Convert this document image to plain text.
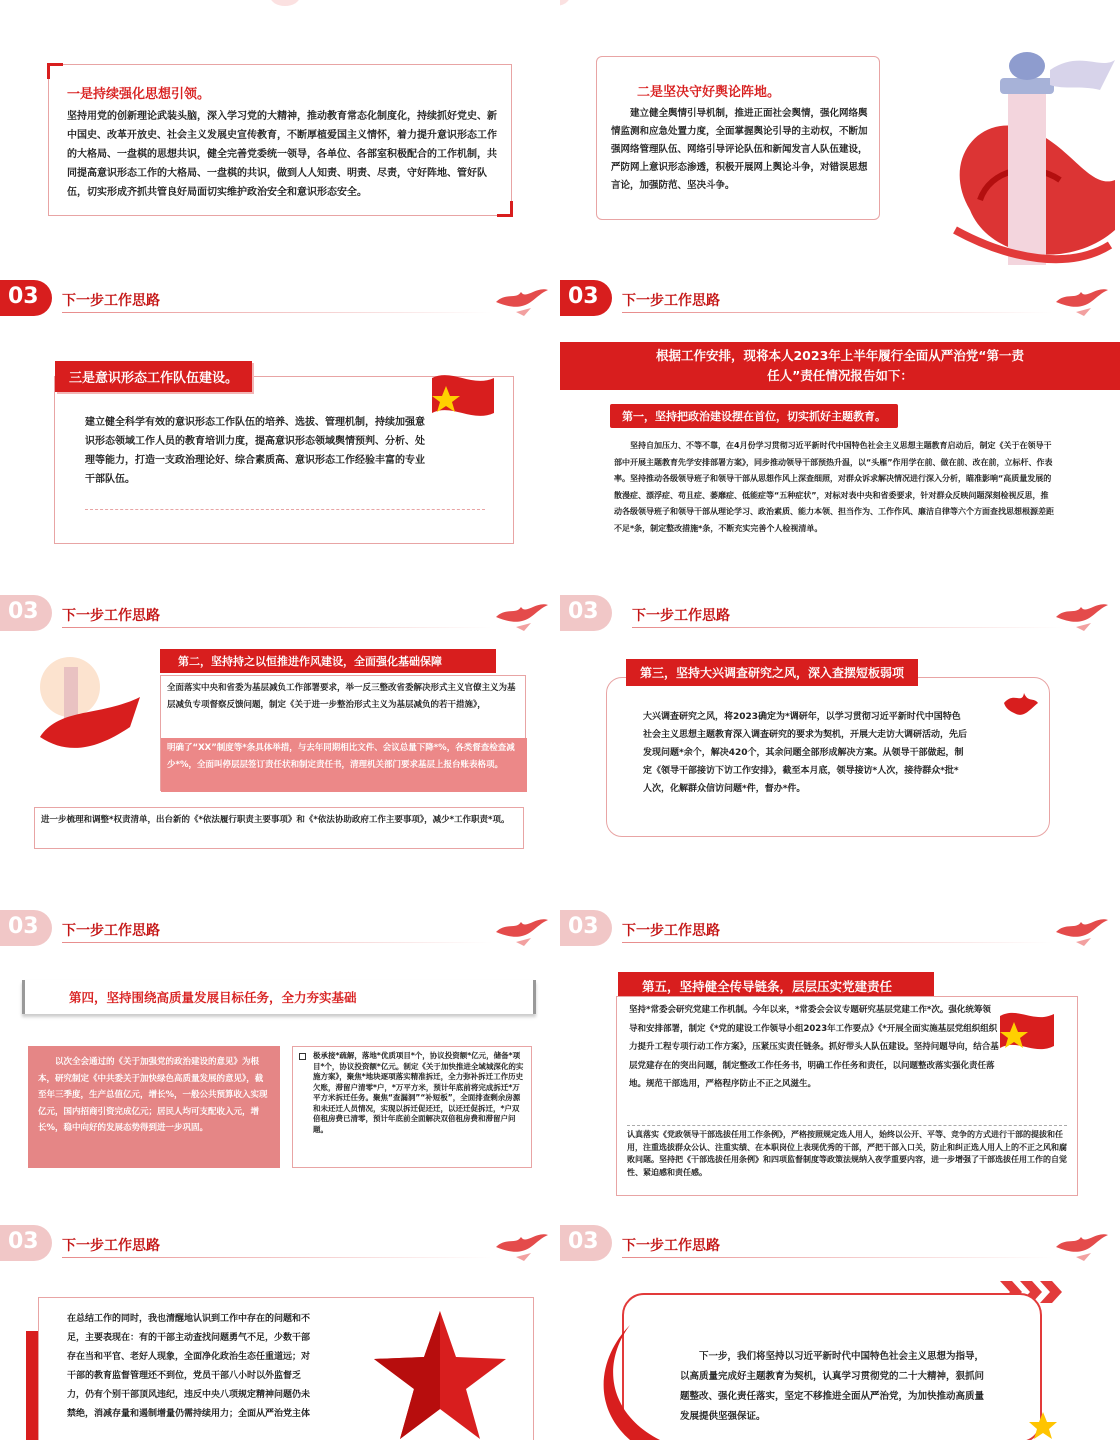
一是持续强化思想引领。
坚持用党的创新理论武装头脑，深入学习党的大精神，推动教育常态化制度化，持续抓好党史、新中国史、改革开放史、社会主义发展史宣传教育，不断厚植爱国主义情怀，着力提升意识形态工作的大格局、一盘棋的思想共识，健全完善党委统一领导，各单位、各部室积极配合的工作机制，共同提高意识形态工作的大格局、一盘棋的共识，做到人人知责、明责、尽责，守好阵地、管好队伍，切实形成齐抓共管良好局面切实维护政治安全和意识形态安全。
二是坚决守好舆论阵地。
建立健全舆情引导机制，推进正面社会舆情，强化网络舆情监测和应急处置力度，全面掌握舆论引导的主动权，不断加强网络管理队伍、网络引导评论队伍和新闻发言人队伍建设，严防网上意识形态渗透，积极开展网上舆论斗争，对错误思想言论，加强防范、坚决斗争。
03	下一步工作思路
三是意识形态工作队伍建设。
建立健全科学有效的意识形态工作队伍的培养、选拔、管理机制，持续加强意识形态领域工作人员的教育培训力度，提高意识形态领域舆情预判、分析、处理等能力，打造一支政治理论好、综合素质高、意识形态工作经验丰富的专业干部队伍。
03	下一步工作思路
根据工作安排，现将本人2023年上半年履行全面从严治党“第一责任人”责任情况报告如下：
第一，坚持把政治建设摆在首位，切实抓好主题教育。
坚持自加压力、不等不靠，在4月份学习贯彻习近平新时代中国特色社会主义思想主题教育启动后，制定《关于在领导干部中开展主题教育先学安排部署方案》，同步推动领导干部预热升温，以“头雁”作用学在前、做在前、改在前，立标杆、作表率。坚持推动各级领导班子和领导干部从思想作风上深查细照，对群众诉求解决情况进行深入分析，瞄准影响“高质量发展的散漫症、漂浮症、苟且症、萎靡症、低能症等“五种症状”，对标对表中央和省委要求，针对群众反映问题深刻检视反思，推动各级领导班子和领导干部从理论学习、政治素质、能力本领、担当作为、工作作风、廉洁自律等六个方面查找思想根源差距不足*条，制定整改措施*条，不断充实完善个人检视清单。
03	下一步工作思路
第二，坚持持之以恒推进作风建设，全面强化基础保障
全面落实中央和省委为基层减负工作部署要求，举一反三整改省委解决形式主义官僚主义为基层减负专项督察反馈问题，制定《关于进一步整治形式主义为基层减负的若干措施》，
明确了“XX”制度等*条具体举措，与去年同期相比文件、会议总量下降*%，各类督查检查减少*%，全面叫停层层签订责任状和制定责任书，清理机关部门要求基层上报台账表格项。
进一步梳理和调整*权责清单，出台新的《*依法履行职责主要事项》和《*依法协助政府工作主要事项》，减少*工作职责*项。
03	下一步工作思路
大兴调查研究之风，将2023确定为*调研年，以学习贯彻习近平新时代中国特色社会主义思想主题教育深入调查研究的要求为契机，开展大走访大调研活动，先后发现问题*余个，解决420个，其余问题全部形成解决方案。从领导干部做起，制定《领导干部接访下访工作安排》，截至本月底，领导接访*人次，接待群众*批*人次，化解群众信访问题*件，督办*件。
第三，坚持大兴调查研究之风，深入查摆短板弱项
03	下一步工作思路
第四，坚持围绕高质量发展目标任务，全力夯实基础
以次全会通过的《关于加强党的政治建设的意见》为根本，研究制定《中共委关于加快绿色高质量发展的意见》，截至年三季度，生产总值亿元，增长%，一般公共预算收入实现亿元，国内招商引资完成亿元；居民人均可支配收入元，增长%，稳中向好的发展态势得到进一步巩固。
极承接*疏解，落地*优质项目*个，协议投资额*亿元，储备*项目*个，协议投资额*亿元。制定《关于加快推进全域城深化的实施方案》，聚焦*地块逐项落实精准拆迁，全力弥补拆迁工作历史欠账，滞留户清零*户，*万平方米，预计年底前将完成拆迁*万平方米拆迁任务。聚焦“查漏洞”“补短板”，全面排查剩余房源和未还迁人员情况，实现以拆迁促还迁，以还迁促拆迁，*户双倍租房费已清零，预计年底前全面解决双倍租房费和滞留户问题。
03	下一步工作思路
第五，坚持健全传导链条，层层压实党建责任
坚持*常委会研究党建工作机制。今年以来，*常委会会议专题研究基层党建工作*次。强化统筹领导和安排部署，制定《*党的建设工作领导小组2023年工作要点》《*开展全面实施基层党组织组织力提升工程专项行动工作方案》，压紧压实责任链条。抓好带头人队伍建设。坚持问题导向，结合基层党建存在的突出问题，制定整改工作任务书，明确工作任务和责任，以问题整改落实强化责任落地。规范干部选用，严格程序防止不正之风滋生。
认真落实《党政领导干部选拔任用工作条例》，严格按照规定选人用人，始终以公开、平等、竞争的方式进行干部的提拔和任用，注重选拔群众公认、注重实绩、在本职岗位上表现优秀的干部，严把干部入口关，防止和纠正选人用人上的不正之风和腐败问题。坚持把《干部选拔任用条例》和四项监督制度等政策法规纳入夜学重要内容，进一步增强了干部选拔任用工作的自觉性、紧迫感和责任感。
03	下一步工作思路
在总结工作的同时，我也清醒地认识到工作中存在的问题和不足，主要表现在：有的干部主动查找问题勇气不足，少数干部存在当和平官、老好人现象，全面净化政治生态任重道远；对干部的教育监督管理还不到位，党员干部八小时以外监督乏力，仍有个别干部顶风违纪，违反中央八项规定精神问题仍未禁绝，消减存量和遏制增量仍需持续用力；全面从严治党主体
03	下一步工作思路
下一步，我们将坚持以习近平新时代中国特色社会主义思想为指导，以高质量完成好主题教育为契机，认真学习贯彻党的二十大精神，狠抓问题整改、强化责任落实，坚定不移推进全面从严治党，为加快推动高质量发展提供坚强保证。
